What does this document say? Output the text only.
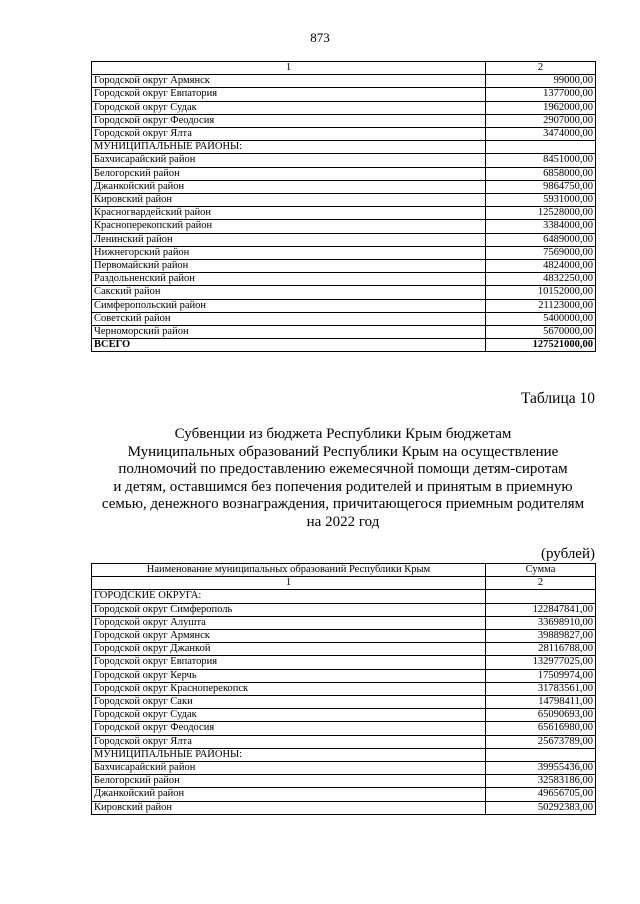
873
1	2
Городской округ Армянск	99000,00
Городской округ Евпатория	1377000,00
Городской округ Судак	1962000,00
Городской округ Феодосия	2907000,00
Городской округ Ялта	3474000,00
МУНИЦИПАЛЬНЫЕ РАЙОНЫ:	
Бахчисарайский район	8451000,00
Белогорский район	6858000,00
Джанкойский район	9864750,00
Кировский район	5931000,00
Красногвардейский район	12528000,00
Красноперекопский район	3384000,00
Ленинский район	6489000,00
Нижнегорский район	7569000,00
Первомайский район	4824000,00
Раздольненский район	4832250,00
Сакский район	10152000,00
Симферопольский район	21123000,00
Советский район	5400000,00
Черноморский район	5670000,00
ВСЕГО	127521000,00
Таблица 10
Субвенции из бюджета Республики Крым бюджетам
Муниципальных образований Республики Крым на осуществление
полномочий по предоставлению ежемесячной помощи детям-сиротам
и детям, оставшимся без попечения родителей и принятым в приемную
семью, денежного вознаграждения, причитающегося приемным родителям
на 2022 год
(рублей)
Наименование муниципальных образований Республики Крым	Сумма
1	2
ГОРОДСКИЕ ОКРУГА:	
Городской округ Симферополь	122847841,00
Городской округ Алушта	33698910,00
Городской округ Армянск	39889827,00
Городской округ Джанкой	28116788,00
Городской округ Евпатория	132977025,00
Городской округ Керчь	17509974,00
Городской округ Красноперекопск	31783561,00
Городской округ Саки	14798411,00
Городской округ Судак	65090693,00
Городской округ Феодосия	65616980,00
Городской округ Ялта	25673789,00
МУНИЦИПАЛЬНЫЕ РАЙОНЫ:	
Бахчисарайский район	39955436,00
Белогорский район	32583186,00
Джанкойский район	49656705,00
Кировский район	50292383,00
